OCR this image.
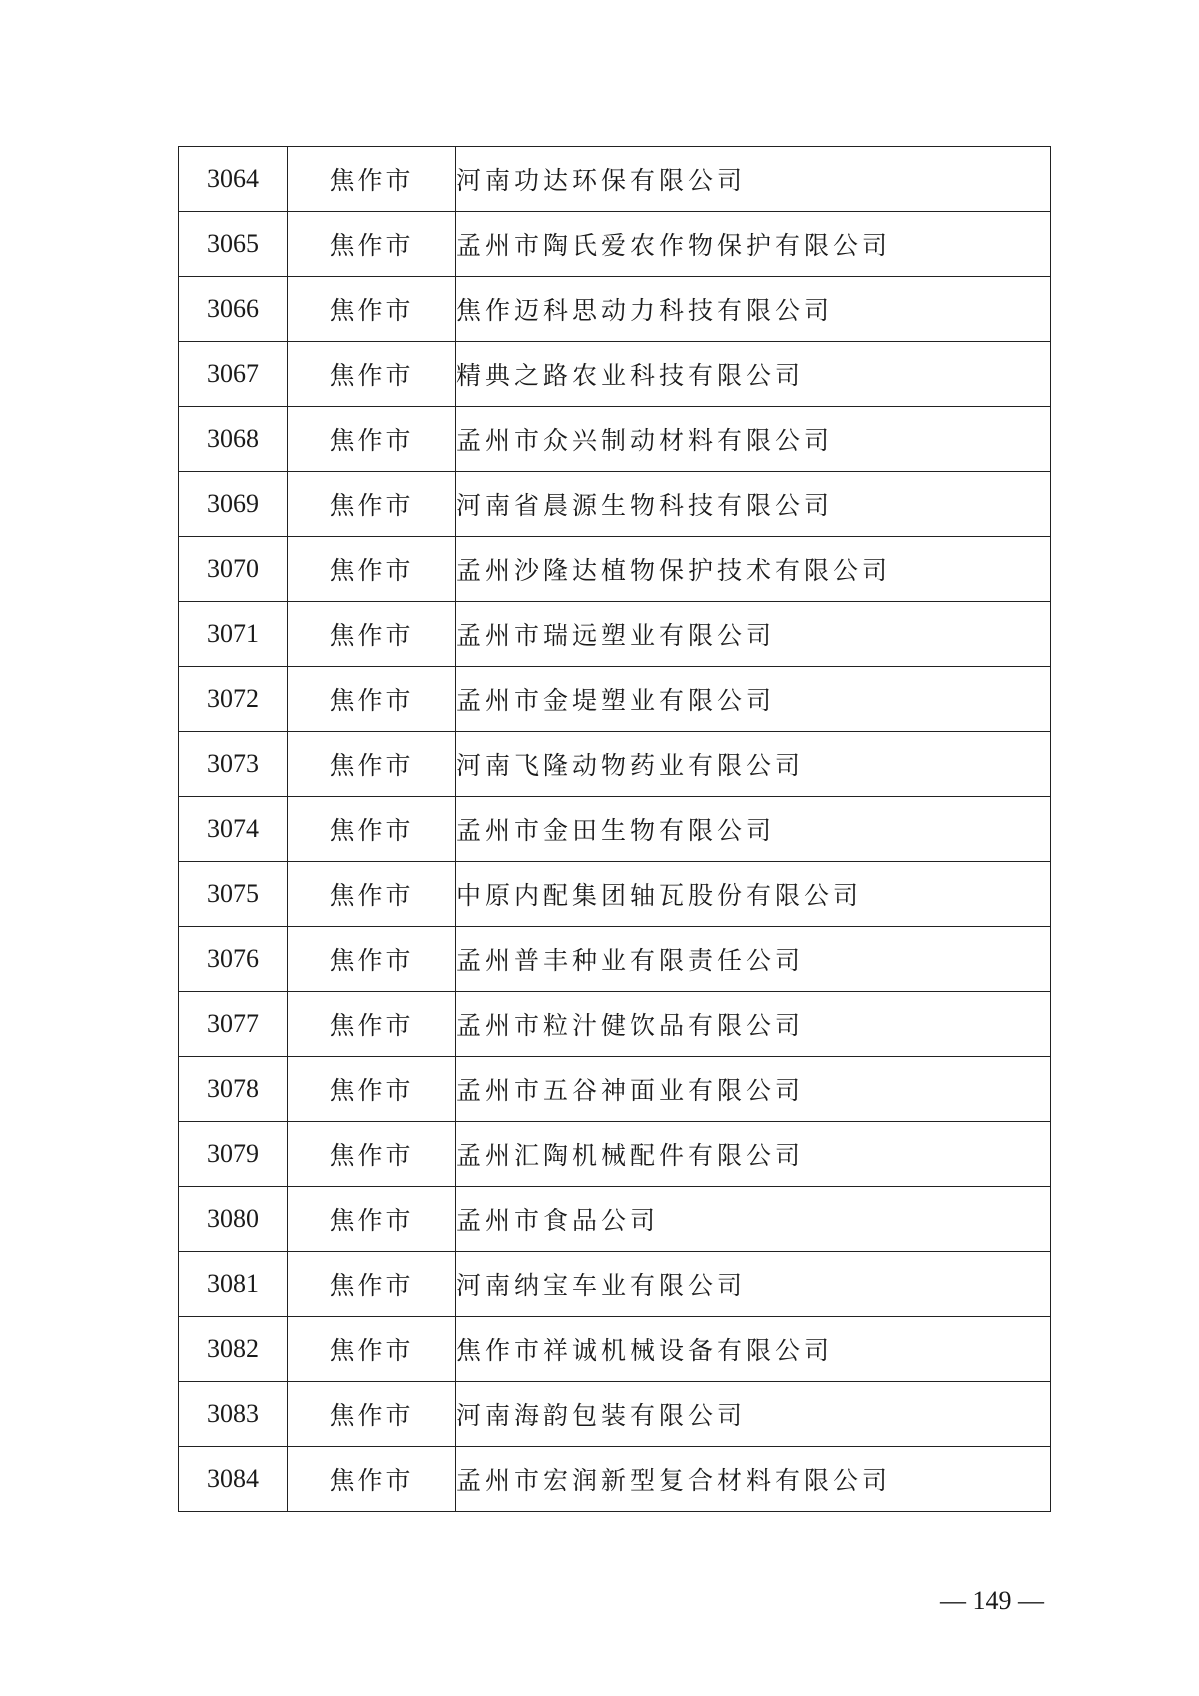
3064	焦作市	河南功达环保有限公司
3065	焦作市	孟州市陶氏爱农作物保护有限公司
3066	焦作市	焦作迈科思动力科技有限公司
3067	焦作市	精典之路农业科技有限公司
3068	焦作市	孟州市众兴制动材料有限公司
3069	焦作市	河南省晨源生物科技有限公司
3070	焦作市	孟州沙隆达植物保护技术有限公司
3071	焦作市	孟州市瑞远塑业有限公司
3072	焦作市	孟州市金堤塑业有限公司
3073	焦作市	河南飞隆动物药业有限公司
3074	焦作市	孟州市金田生物有限公司
3075	焦作市	中原内配集团轴瓦股份有限公司
3076	焦作市	孟州普丰种业有限责任公司
3077	焦作市	孟州市粒汁健饮品有限公司
3078	焦作市	孟州市五谷神面业有限公司
3079	焦作市	孟州汇陶机械配件有限公司
3080	焦作市	孟州市食品公司
3081	焦作市	河南纳宝车业有限公司
3082	焦作市	焦作市祥诚机械设备有限公司
3083	焦作市	河南海韵包装有限公司
3084	焦作市	孟州市宏润新型复合材料有限公司
— 149 —
